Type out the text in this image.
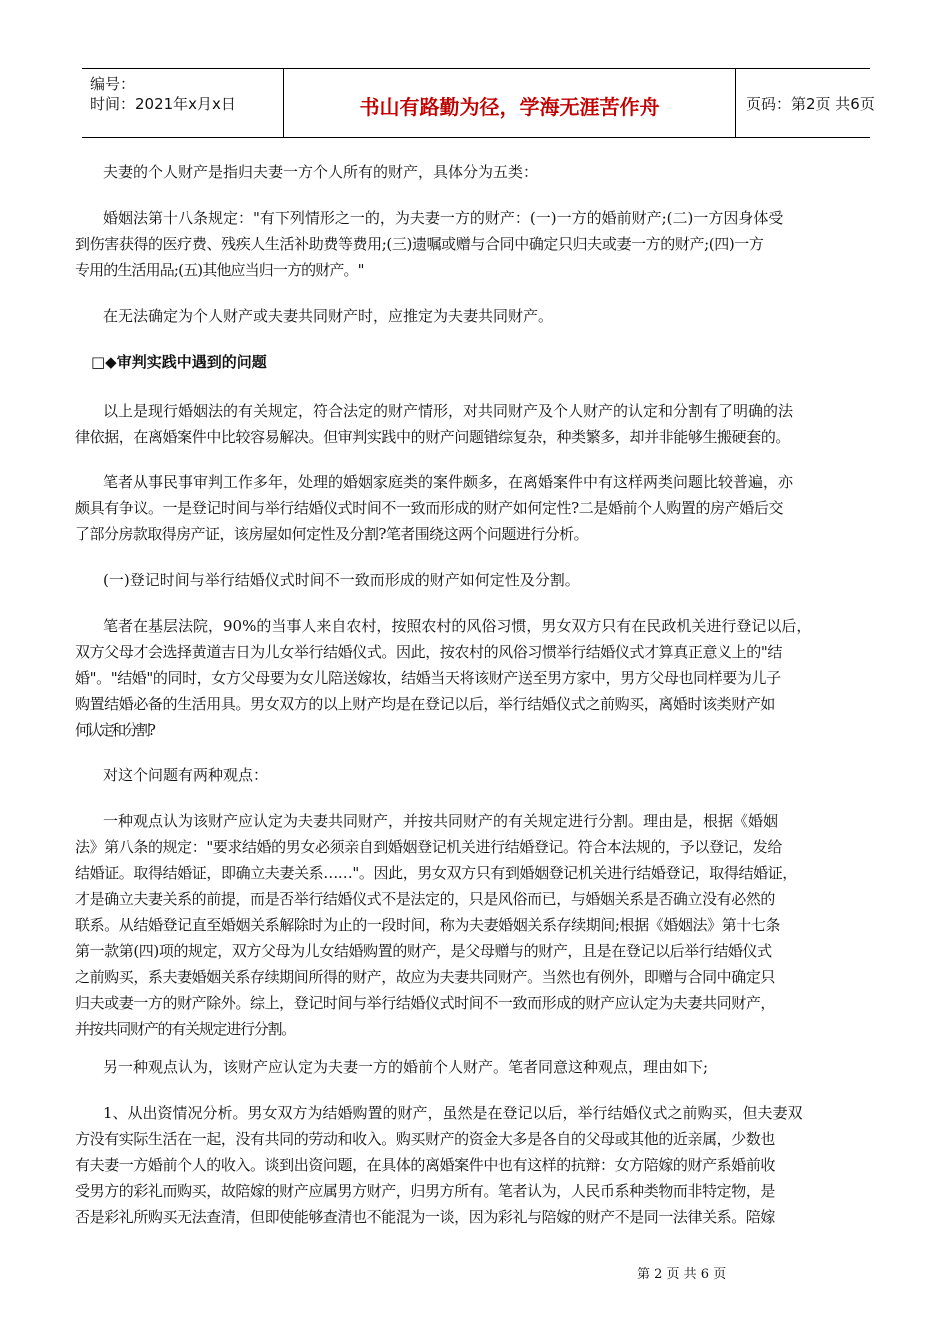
编号：
时间：2021年x月x日	书山有路勤为径，学海无涯苦作舟	页码：第2页 共6页
夫妻的个人财产是指归夫妻一方个人所有的财产，具体分为五类：
婚姻法第十八条规定："有下列情形之一的，为夫妻一方的财产：(一)一方的婚前财产;(二)一方因身体受
到伤害获得的医疗费、残疾人生活补助费等费用;(三)遗嘱或赠与合同中确定只归夫或妻一方的财产;(四)一方
专用的生活用品;(五)其他应当归一方的财产。"
在无法确定为个人财产或夫妻共同财产时，应推定为夫妻共同财产。
□◆审判实践中遇到的问题
以上是现行婚姻法的有关规定，符合法定的财产情形，对共同财产及个人财产的认定和分割有了明确的法
律依据，在离婚案件中比较容易解决。但审判实践中的财产问题错综复杂，种类繁多，却并非能够生搬硬套的。
笔者从事民事审判工作多年，处理的婚姻家庭类的案件颇多，在离婚案件中有这样两类问题比较普遍，亦
颇具有争议。一是登记时间与举行结婚仪式时间不一致而形成的财产如何定性?二是婚前个人购置的房产婚后交
了部分房款取得房产证，该房屋如何定性及分割?笔者围绕这两个问题进行分析。
(一)登记时间与举行结婚仪式时间不一致而形成的财产如何定性及分割。
笔者在基层法院，90%的当事人来自农村，按照农村的风俗习惯，男女双方只有在民政机关进行登记以后，
双方父母才会选择黄道吉日为儿女举行结婚仪式。因此，按农村的风俗习惯举行结婚仪式才算真正意义上的"结
婚"。"结婚"的同时，女方父母要为女儿陪送嫁妆，结婚当天将该财产送至男方家中，男方父母也同样要为儿子
购置结婚必备的生活用具。男女双方的以上财产均是在登记以后，举行结婚仪式之前购买，离婚时该类财产如
何认定和分割?
对这个问题有两种观点：
一种观点认为该财产应认定为夫妻共同财产，并按共同财产的有关规定进行分割。理由是，根据《婚姻
法》第八条的规定："要求结婚的男女必须亲自到婚姻登记机关进行结婚登记。符合本法规的，予以登记，发给
结婚证。取得结婚证，即确立夫妻关系……"。因此，男女双方只有到婚姻登记机关进行结婚登记，取得结婚证，
才是确立夫妻关系的前提，而是否举行结婚仪式不是法定的，只是风俗而已，与婚姻关系是否确立没有必然的
联系。从结婚登记直至婚姻关系解除时为止的一段时间，称为夫妻婚姻关系存续期间;根据《婚姻法》第十七条
第一款第(四)项的规定，双方父母为儿女结婚购置的财产，是父母赠与的财产，且是在登记以后举行结婚仪式
之前购买，系夫妻婚姻关系存续期间所得的财产，故应为夫妻共同财产。当然也有例外，即赠与合同中确定只
归夫或妻一方的财产除外。综上，登记时间与举行结婚仪式时间不一致而形成的财产应认定为夫妻共同财产，
并按共同财产的有关规定进行分割。
另一种观点认为，该财产应认定为夫妻一方的婚前个人财产。笔者同意这种观点，理由如下;
1、从出资情况分析。男女双方为结婚购置的财产，虽然是在登记以后，举行结婚仪式之前购买，但夫妻双
方没有实际生活在一起，没有共同的劳动和收入。购买财产的资金大多是各自的父母或其他的近亲属，少数也
有夫妻一方婚前个人的收入。谈到出资问题，在具体的离婚案件中也有这样的抗辩：女方陪嫁的财产系婚前收
受男方的彩礼而购买，故陪嫁的财产应属男方财产，归男方所有。笔者认为，人民币系种类物而非特定物，是
否是彩礼所购买无法查清，但即使能够查清也不能混为一谈，因为彩礼与陪嫁的财产不是同一法律关系。陪嫁
第 2 页 共 6 页
